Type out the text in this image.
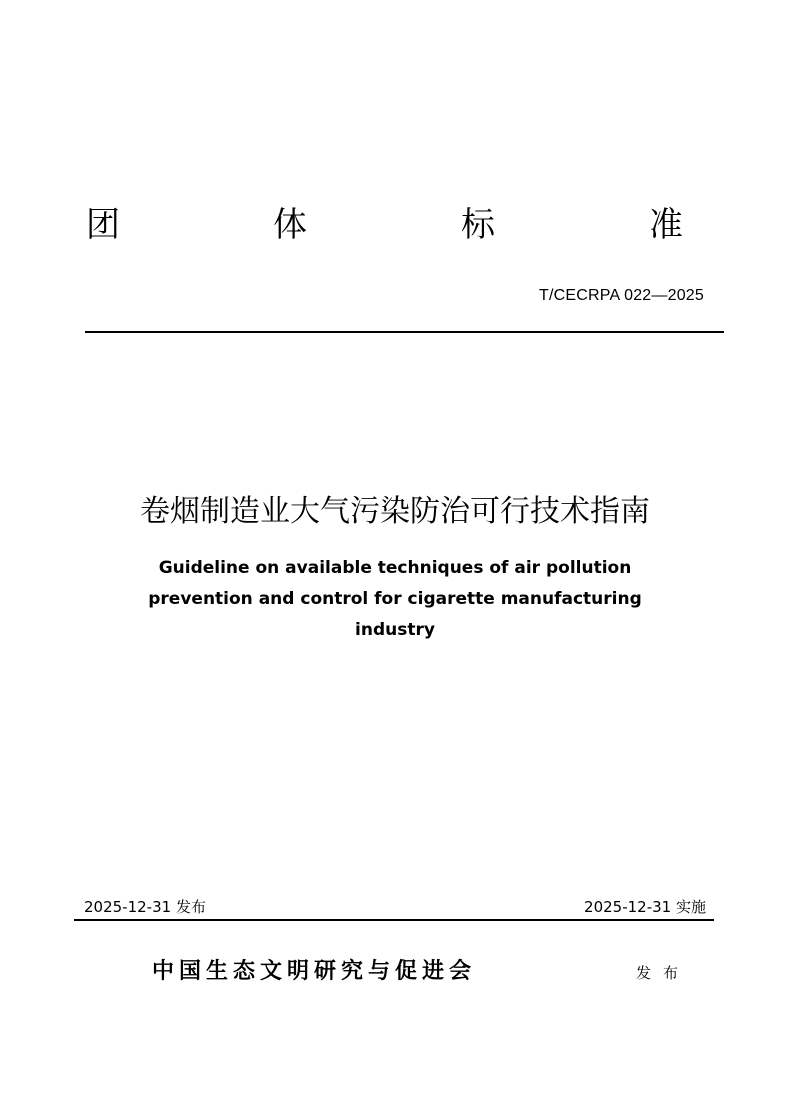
团	体	标	准
T/CECRPA 022—2025
卷烟制造业大气污染防治可行技术指南
Guideline on available techniques of air pollution
prevention and control for cigarette manufacturing
industry
2025-12-31 发布	2025-12-31 实施
中国生态文明研究与促进会	发布
